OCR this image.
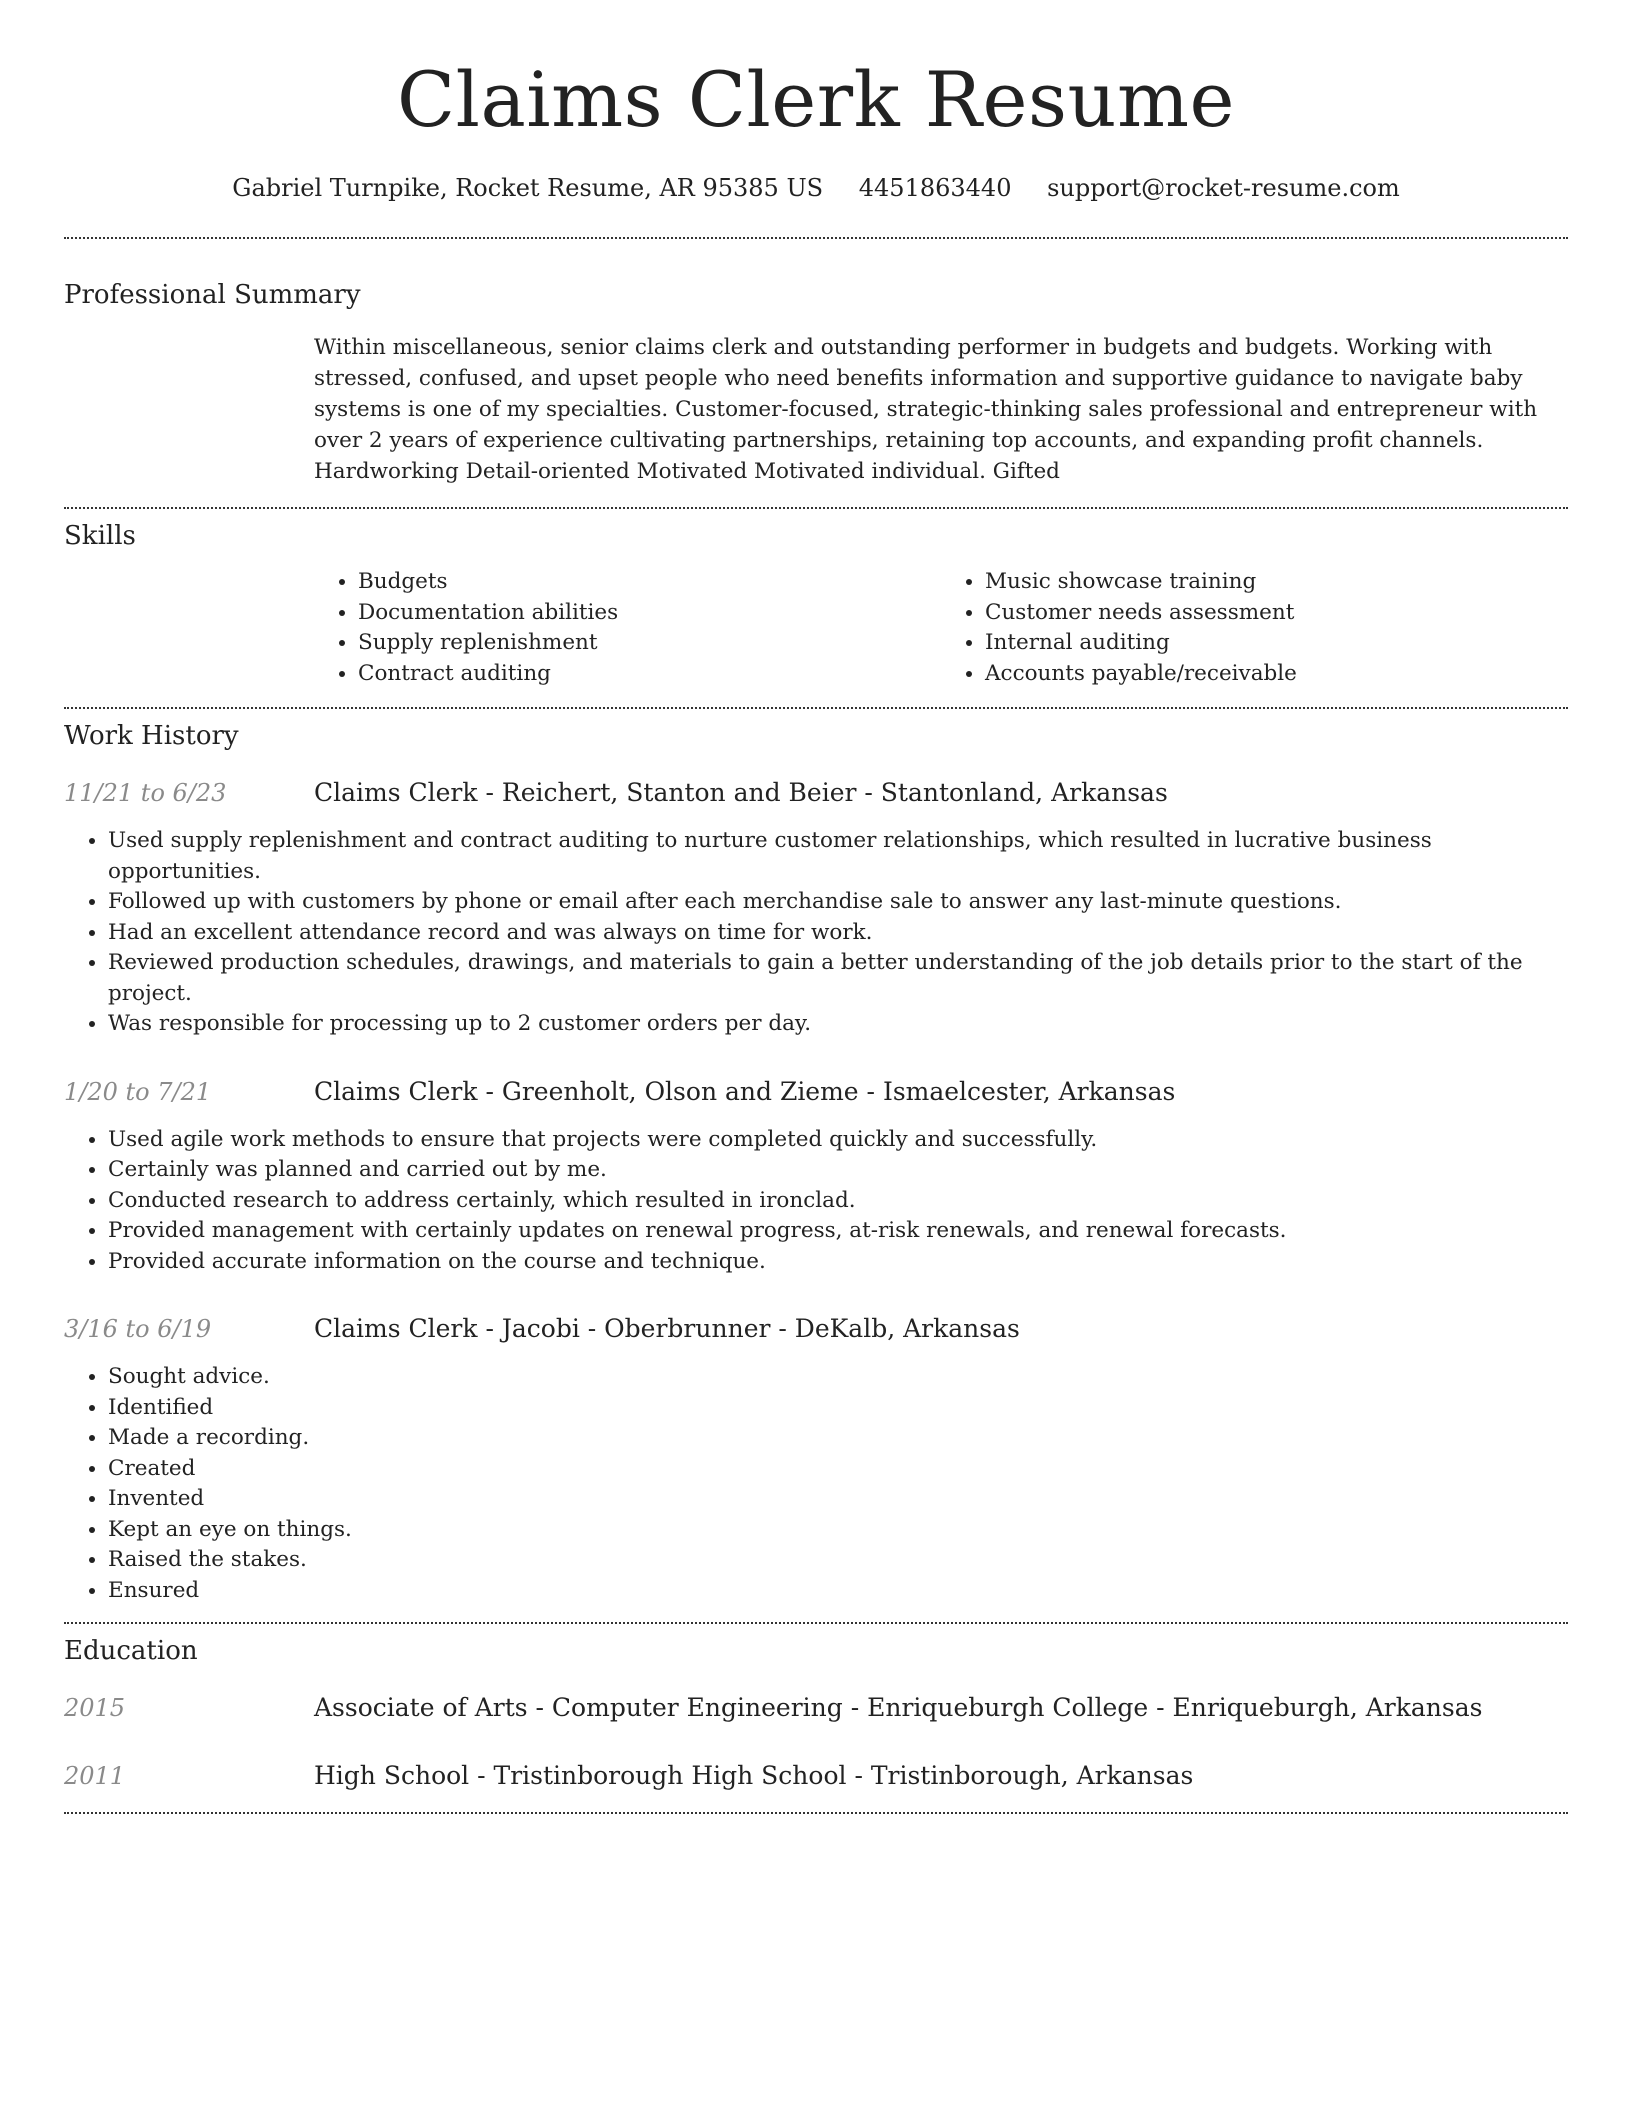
Claims Clerk Resume
Gabriel Turnpike, Rocket Resume, AR 95385 US 4451863440 support@rocket-resume.com
Professional Summary
Within miscellaneous, senior claims clerk and outstanding performer in budgets and budgets. Working with stressed, confused, and upset people who need benefits information and supportive guidance to navigate baby systems is one of my specialties. Customer-focused, strategic-thinking sales professional and entrepreneur with over 2 years of experience cultivating partnerships, retaining top accounts, and expanding profit channels. Hardworking Detail-oriented Motivated Motivated individual. Gifted
Skills
• Budgets
• Documentation abilities
• Supply replenishment
• Contract auditing
• Music showcase training
• Customer needs assessment
• Internal auditing
• Accounts payable/receivable
Work History
11/21 to 6/23	Claims Clerk - Reichert, Stanton and Beier - Stantonland, Arkansas
• Used supply replenishment and contract auditing to nurture customer relationships, which resulted in lucrative business opportunities.
• Followed up with customers by phone or email after each merchandise sale to answer any last-minute questions.
• Had an excellent attendance record and was always on time for work.
• Reviewed production schedules, drawings, and materials to gain a better understanding of the job details prior to the start of the project.
• Was responsible for processing up to 2 customer orders per day.
1/20 to 7/21	Claims Clerk - Greenholt, Olson and Zieme - Ismaelcester, Arkansas
• Used agile work methods to ensure that projects were completed quickly and successfully.
• Certainly was planned and carried out by me.
• Conducted research to address certainly, which resulted in ironclad.
• Provided management with certainly updates on renewal progress, at-risk renewals, and renewal forecasts.
• Provided accurate information on the course and technique.
3/16 to 6/19	Claims Clerk - Jacobi - Oberbrunner - DeKalb, Arkansas
• Sought advice.
• Identified
• Made a recording.
• Created
• Invented
• Kept an eye on things.
• Raised the stakes.
• Ensured
Education
2015	Associate of Arts - Computer Engineering - Enriqueburgh College - Enriqueburgh, Arkansas
2011	High School - Tristinborough High School - Tristinborough, Arkansas
